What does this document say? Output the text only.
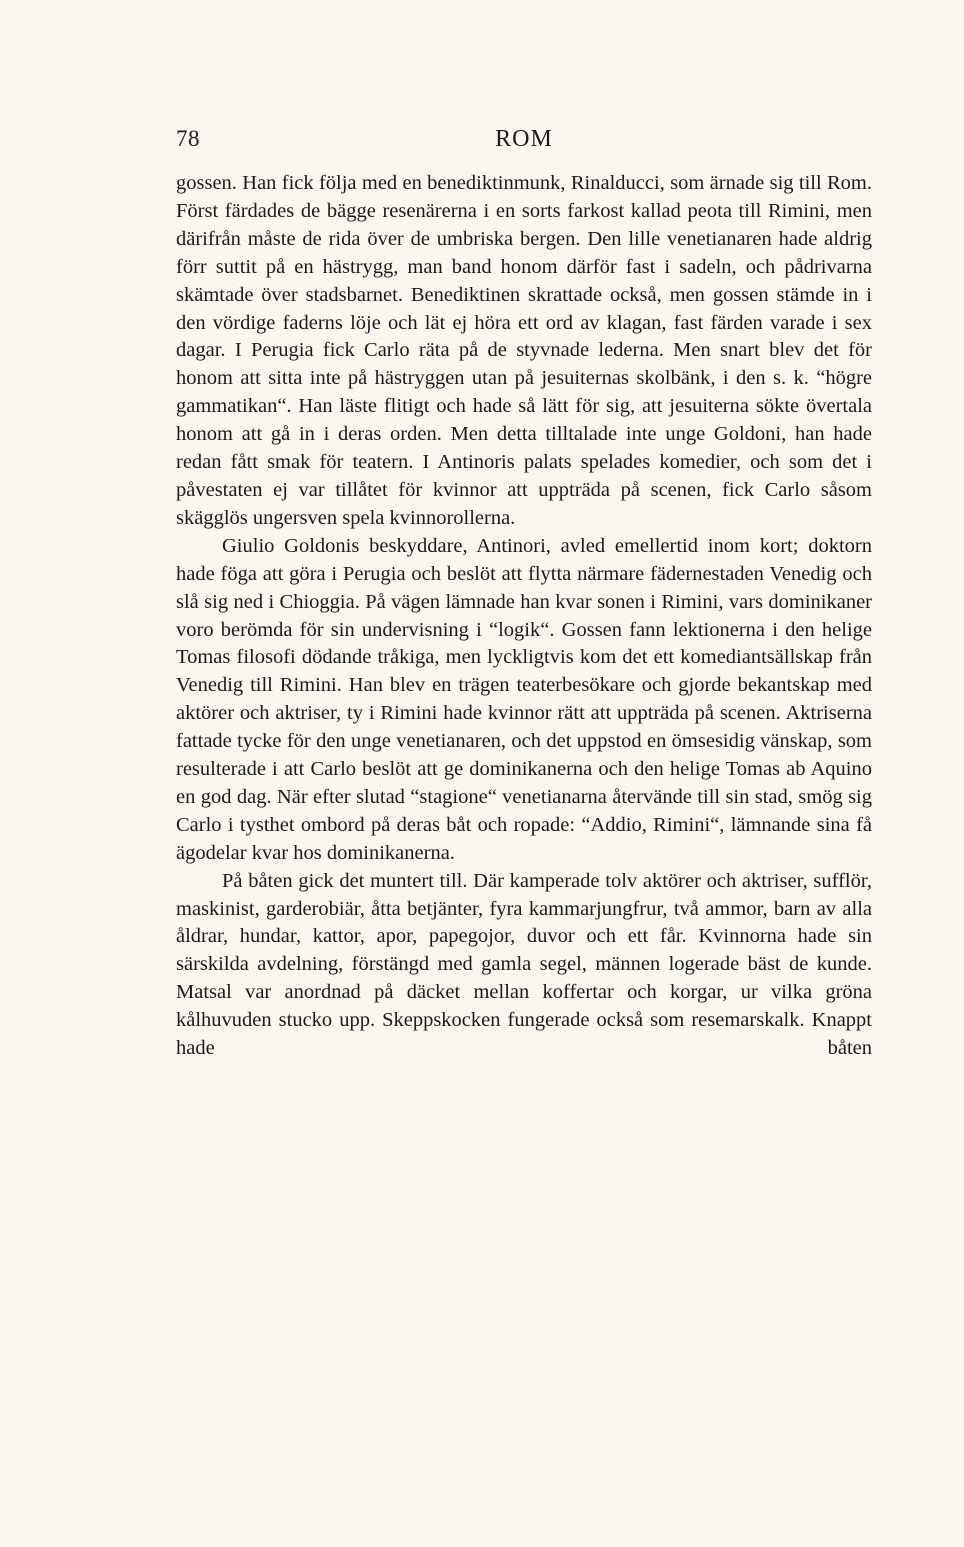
78	ROM

gossen. Han fick följa med en benediktinmunk, Rinalducci, som ärnade sig till Rom. Först färdades de bägge resenärerna i en sorts farkost kallad peota till Rimini, men därifrån måste de rida över de umbriska bergen. Den lille venetianaren hade aldrig förr suttit på en hästrygg, man band honom därför fast i sadeln, och pådrivarna skämtade över stadsbarnet. Benediktinen skrattade också, men gossen stämde in i den vördige faderns löje och lät ej höra ett ord av klagan, fast färden varade i sex dagar. I Perugia fick Carlo räta på de styvnade lederna. Men snart blev det för honom att sitta inte på hästryggen utan på jesuiternas skolbänk, i den s. k. “högre gammatikan“. Han läste flitigt och hade så lätt för sig, att jesuiterna sökte övertala honom att gå in i deras orden. Men detta tilltalade inte unge Goldoni, han hade redan fått smak för teatern. I Antinoris palats spelades komedier, och som det i påvestaten ej var tillåtet för kvinnor att uppträda på scenen, fick Carlo såsom skägglös ungersven spela kvinnorollerna.

Giulio Goldonis beskyddare, Antinori, avled emellertid inom kort; doktorn hade föga att göra i Perugia och beslöt att flytta närmare fädernestaden Venedig och slå sig ned i Chioggia. På vägen lämnade han kvar sonen i Rimini, vars dominikaner voro berömda för sin undervisning i “logik“. Gossen fann lektionerna i den helige Tomas filosofi dödande tråkiga, men lyckligtvis kom det ett komediantsällskap från Venedig till Rimini. Han blev en trägen teaterbesökare och gjorde bekantskap med aktörer och aktriser, ty i Rimini hade kvinnor rätt att uppträda på scenen. Aktriserna fattade tycke för den unge venetianaren, och det uppstod en ömsesidig vänskap, som resulterade i att Carlo beslöt att ge dominikanerna och den helige Tomas ab Aquino en god dag. När efter slutad “stagione“ venetianarna återvände till sin stad, smög sig Carlo i tysthet ombord på deras båt och ropade: “Addio, Rimini“, lämnande sina få ägodelar kvar hos dominikanerna.

På båten gick det muntert till. Där kamperade tolv aktörer och aktriser, sufflör, maskinist, garderobiär, åtta betjänter, fyra kammarjungfrur, två ammor, barn av alla åldrar, hundar, kattor, apor, papegojor, duvor och ett får. Kvinnorna hade sin särskilda avdelning, förstängd med gamla segel, männen logerade bäst de kunde. Matsal var anordnad på däcket mellan koffertar och korgar, ur vilka gröna kålhuvuden stucko upp. Skeppskocken fungerade också som resemarskalk. Knappt hade båten
